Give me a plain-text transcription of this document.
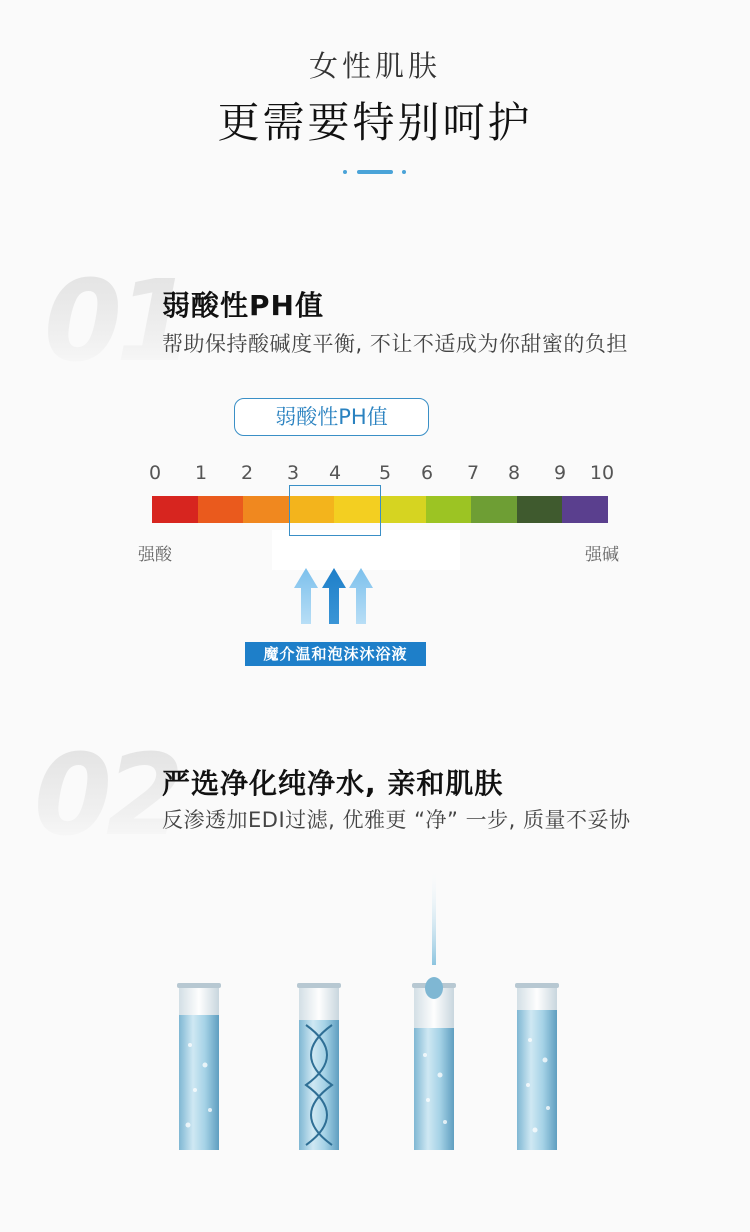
女性肌肤
更需要特别呵护
01
弱酸性PH值
帮助保持酸碱度平衡, 不让不适成为你甜蜜的负担
弱酸性PH值
0	1	2	3	4	5	6	7	8	9	10
强酸	强碱
魔介温和泡沫沐浴液
02
严选净化纯净水, 亲和肌肤
反渗透加EDI过滤, 优雅更 “净” 一步, 质量不妥协
